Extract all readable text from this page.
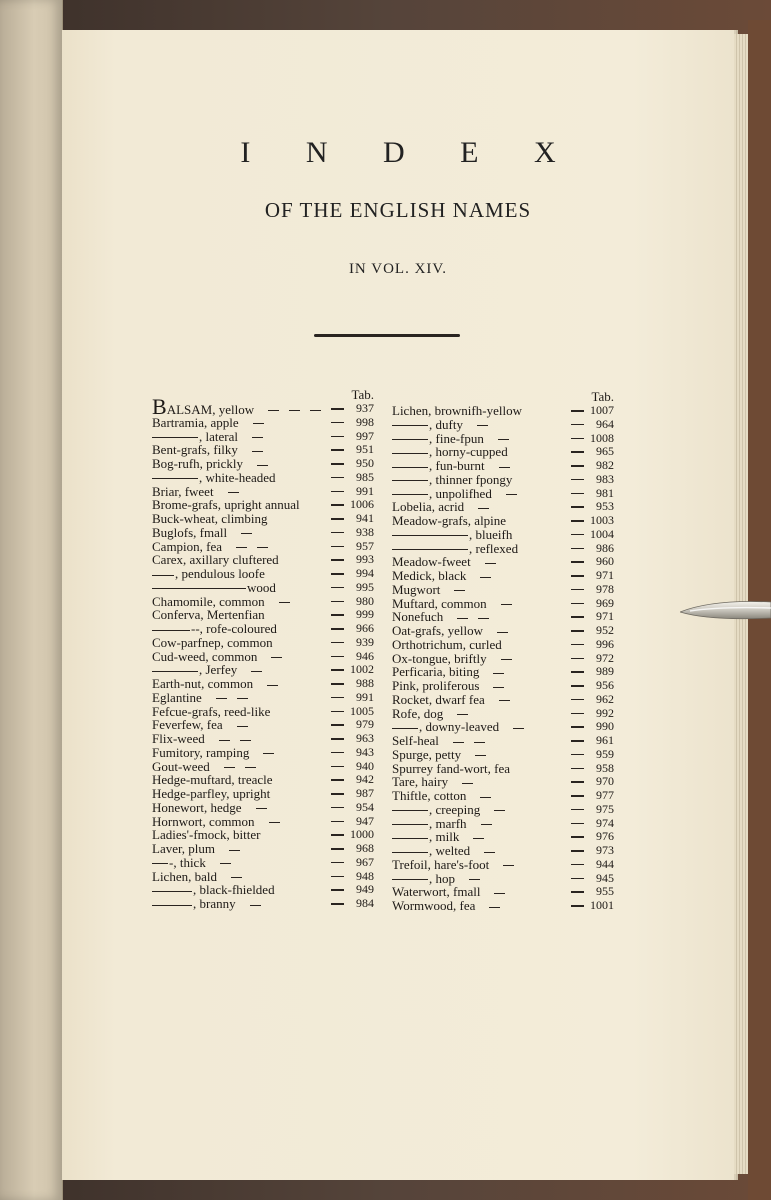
I N D E X
OF THE ENGLISH NAMES
IN VOL. XIV.
Tab.
BALSAM, yellow	937
Bartramia, apple	998
, lateral	997
Bent-grafs, filky	951
Bog-rufh, prickly	950
, white-headed	985
Briar, fweet	991
Brome-grafs, upright annual	1006
Buck-wheat, climbing	941
Buglofs, fmall	938
Campion, fea	957
Carex, axillary cluftered	993
, pendulous loofe	994
wood	995
Chamomile, common	980
Conferva, Mertenfian	999
--, rofe-coloured	966
Cow-parfnep, common	939
Cud-weed, common	946
, Jerfey	1002
Earth-nut, common	988
Eglantine	991
Fefcue-grafs, reed-like	1005
Feverfew, fea	979
Flix-weed	963
Fumitory, ramping	943
Gout-weed	940
Hedge-muftard, treacle	942
Hedge-parfley, upright	987
Honewort, hedge	954
Hornwort, common	947
Ladies'-fmock, bitter	1000
Laver, plum	968
-, thick	967
Lichen, bald	948
, black-fhielded	949
, branny	984
Tab.
Lichen, brownifh-yellow	1007
, dufty	964
, fine-fpun	1008
, horny-cupped	965
, fun-burnt	982
, thinner fpongy	983
, unpolifhed	981
Lobelia, acrid	953
Meadow-grafs, alpine	1003
, blueifh	1004
, reflexed	986
Meadow-fweet	960
Medick, black	971
Mugwort	978
Muftard, common	969
Nonefuch	971
Oat-grafs, yellow	952
Orthotrichum, curled	996
Ox-tongue, briftly	972
Perficaria, biting	989
Pink, proliferous	956
Rocket, dwarf fea	962
Rofe, dog	992
, downy-leaved	990
Self-heal	961
Spurge, petty	959
Spurrey fand-wort, fea	958
Tare, hairy	970
Thiftle, cotton	977
, creeping	975
, marfh	974
, milk	976
, welted	973
Trefoil, hare's-foot	944
, hop	945
Waterwort, fmall	955
Wormwood, fea	1001
